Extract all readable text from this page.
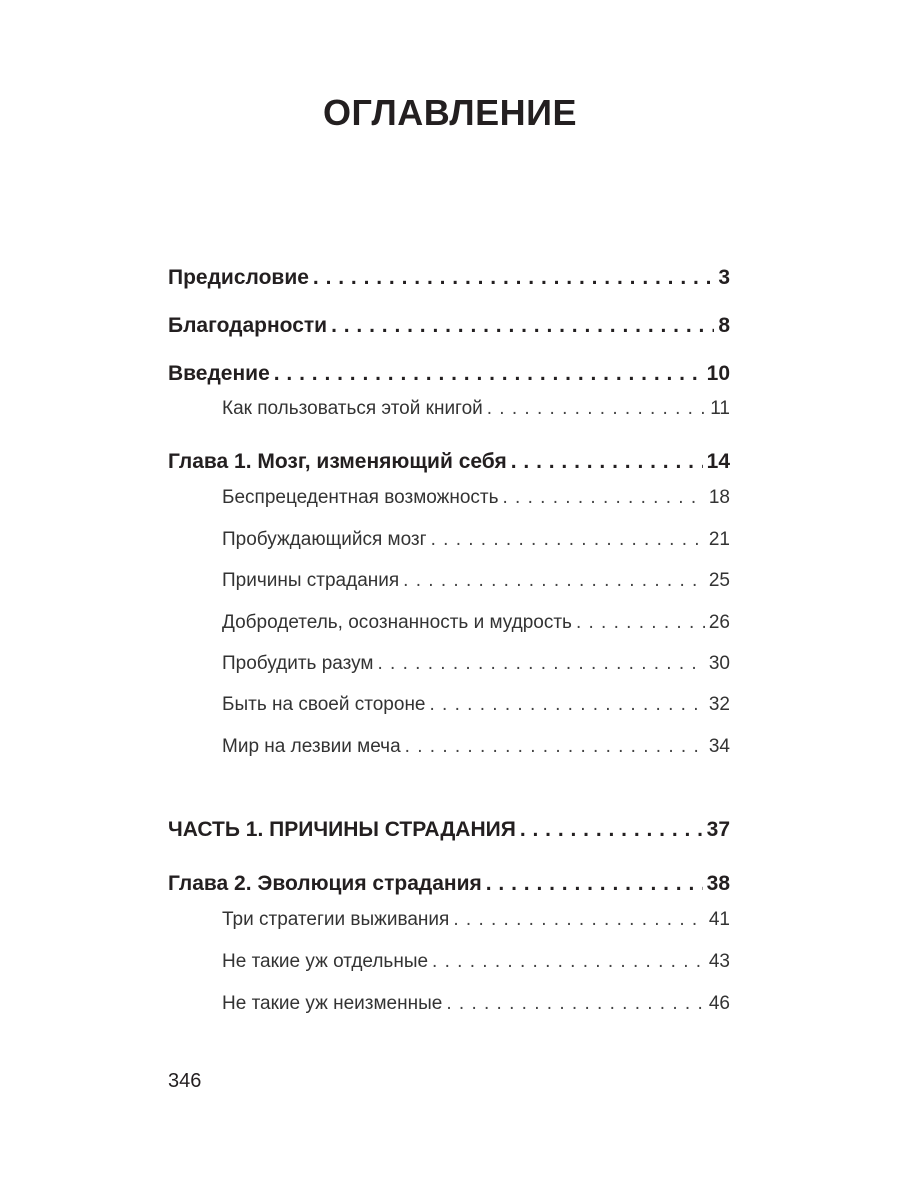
ОГЛАВЛЕНИЕ
Предисловие . . .	3
Благодарности . . .	8
Введение . . .	10
Как пользоваться этой книгой . . .	11
Глава 1. Мозг, изменяющий себя . . .	14
Беспрецедентная возможность . . .	18
Пробуждающийся мозг . . .	21
Причины страдания . . .	25
Добродетель, осознанность и мудрость . . .	26
Пробудить разум . . .	30
Быть на своей стороне . . .	32
Мир на лезвии меча . . .	34
ЧАСТЬ 1. ПРИЧИНЫ СТРАДАНИЯ . . .	37
Глава 2. Эволюция страдания . . .	38
Три стратегии выживания . . .	41
Не такие уж отдельные . . .	43
Не такие уж неизменные . . .	46
346
